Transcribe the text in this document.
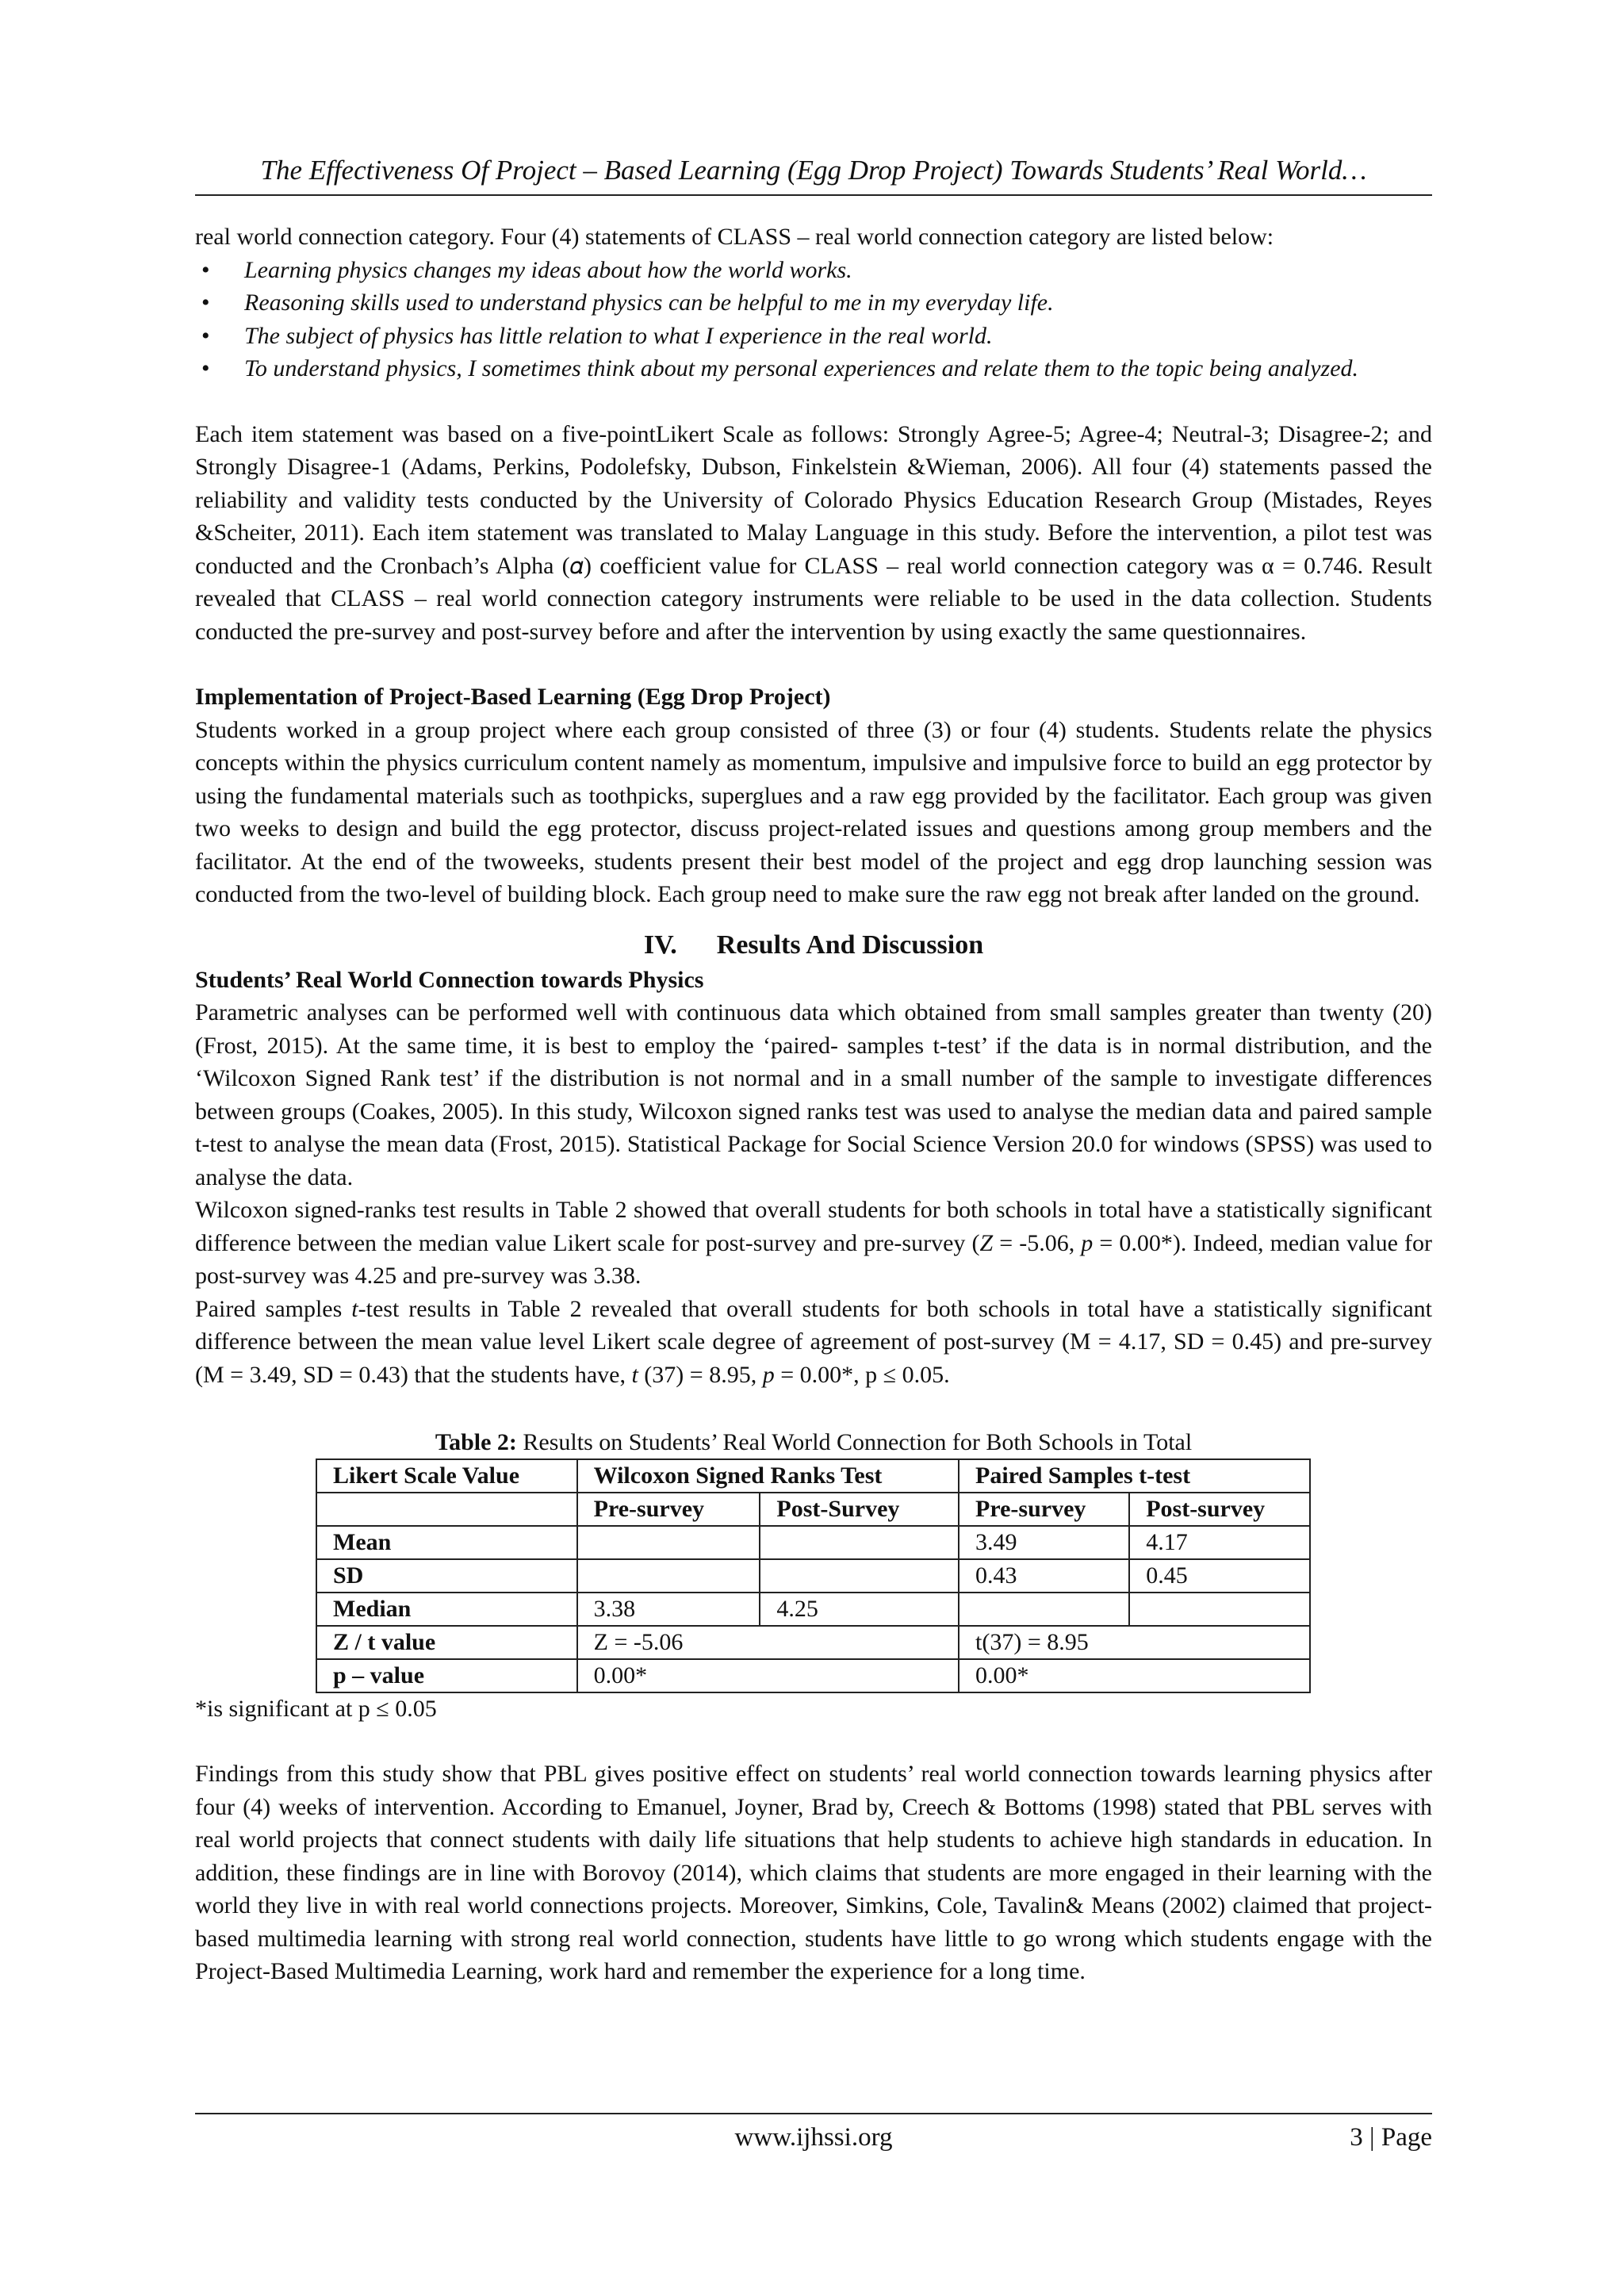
The Effectiveness Of Project – Based Learning (Egg Drop Project) Towards Students’ Real World…

real world connection category. Four (4) statements of CLASS – real world connection category are listed below:

• Learning physics changes my ideas about how the world works.
• Reasoning skills used to understand physics can be helpful to me in my everyday life.
• The subject of physics has little relation to what I experience in the real world.
• To understand physics, I sometimes think about my personal experiences and relate them to the topic being analyzed.

Each item statement was based on a five-pointLikert Scale as follows: Strongly Agree-5; Agree-4; Neutral-3; Disagree-2; and Strongly Disagree-1 (Adams, Perkins, Podolefsky, Dubson, Finkelstein &Wieman, 2006). All four (4) statements passed the reliability and validity tests conducted by the University of Colorado Physics Education Research Group (Mistades, Reyes &Scheiter, 2011). Each item statement was translated to Malay Language in this study. Before the intervention, a pilot test was conducted and the Cronbach’s Alpha (𝛼) coefficient value for CLASS – real world connection category was α = 0.746. Result revealed that CLASS – real world connection category instruments were reliable to be used in the data collection. Students conducted the pre-survey and post-survey before and after the intervention by using exactly the same questionnaires.

Implementation of Project-Based Learning (Egg Drop Project)

Students worked in a group project where each group consisted of three (3) or four (4) students. Students relate the physics concepts within the physics curriculum content namely as momentum, impulsive and impulsive force to build an egg protector by using the fundamental materials such as toothpicks, superglues and a raw egg provided by the facilitator. Each group was given two weeks to design and build the egg protector, discuss project-related issues and questions among group members and the facilitator. At the end of the twoweeks, students present their best model of the project and egg drop launching session was conducted from the two-level of building block. Each group need to make sure the raw egg not break after landed on the ground.

IV. Results And Discussion
Students’ Real World Connection towards Physics

Parametric analyses can be performed well with continuous data which obtained from small samples greater than twenty (20) (Frost, 2015). At the same time, it is best to employ the ‘paired- samples t-test’ if the data is in normal distribution, and the ‘Wilcoxon Signed Rank test’ if the distribution is not normal and in a small number of the sample to investigate differences between groups (Coakes, 2005). In this study, Wilcoxon signed ranks test was used to analyse the median data and paired sample t-test to analyse the mean data (Frost, 2015). Statistical Package for Social Science Version 20.0 for windows (SPSS) was used to analyse the data.

Wilcoxon signed-ranks test results in Table 2 showed that overall students for both schools in total have a statistically significant difference between the median value Likert scale for post-survey and pre-survey (Z = -5.06, p = 0.00*). Indeed, median value for post-survey was 4.25 and pre-survey was 3.38.

Paired samples t-test results in Table 2 revealed that overall students for both schools in total have a statistically significant difference between the mean value level Likert scale degree of agreement of post-survey (M = 4.17, SD = 0.45) and pre-survey (M = 3.49, SD = 0.43) that the students have, t (37) = 8.95, p = 0.00*, p ≤ 0.05.

Table 2: Results on Students’ Real World Connection for Both Schools in Total
Likert Scale Value	Wilcoxon Signed Ranks Test		Paired Samples t-test	
	Pre-survey	Post-Survey	Pre-survey	Post-survey
Mean			3.49	4.17
SD			0.43	0.45
Median	3.38	4.25		
Z / t value	Z = -5.06		t(37) = 8.95	
p – value	0.00*		0.00*	
*is significant at p ≤ 0.05

Findings from this study show that PBL gives positive effect on students’ real world connection towards learning physics after four (4) weeks of intervention. According to Emanuel, Joyner, Brad by, Creech & Bottoms (1998) stated that PBL serves with real world projects that connect students with daily life situations that help students to achieve high standards in education. In addition, these findings are in line with Borovoy (2014), which claims that students are more engaged in their learning with the world they live in with real world connections projects. Moreover, Simkins, Cole, Tavalin& Means (2002) claimed that project-based multimedia learning with strong real world connection, students have little to go wrong which students engage with the Project-Based Multimedia Learning, work hard and remember the experience for a long time.

www.ijhssi.org	3 | Page
